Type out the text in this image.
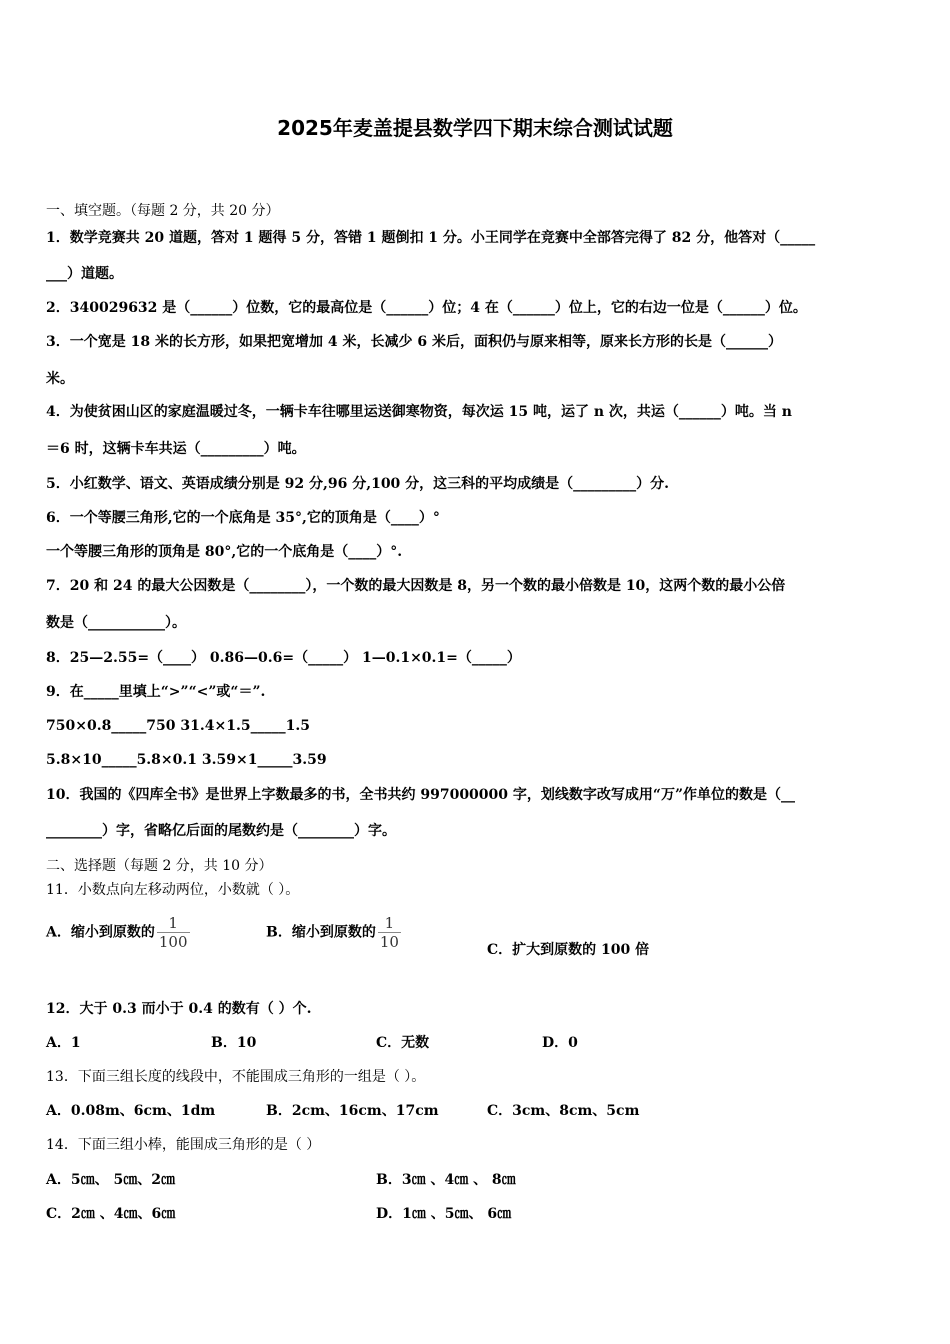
2025年麦盖提县数学四下期末综合测试试题
一、填空题。（每题 2 分，共 20 分）
1．数学竞赛共 20 道题，答对 1 题得 5 分，答错 1 题倒扣 1 分。小王同学在竞赛中全部答完得了 82 分，他答对（_____
___）道题。
2．340029632 是（______）位数，它的最高位是（______）位；4 在（______）位上，它的右边一位是（______）位。
3．一个宽是 18 米的长方形，如果把宽增加 4 米，长减少 6 米后，面积仍与原来相等，原来长方形的长是（______）
米。
4．为使贫困山区的家庭温暖过冬，一辆卡车往哪里运送御寒物资，每次运 15 吨，运了 n 次，共运（______）吨。当 n
＝6 时，这辆卡车共运（_________）吨。
5．小红数学、语文、英语成绩分别是 92 分,96 分,100 分，这三科的平均成绩是（_________）分.
6．一个等腰三角形,它的一个底角是 35°,它的顶角是（____）°
一个等腰三角形的顶角是 80°,它的一个底角是（____）°.
7．20 和 24 的最大公因数是（________），一个数的最大因数是 8，另一个数的最小倍数是 10，这两个数的最小公倍
数是（___________）。
8．25—2.55=（____） 0.86—0.6=（_____） 1—0.1×0.1=（_____）
9．在_____里填上“>”“<”或“＝”.
750×0.8_____750 31.4×1.5_____1.5
5.8×10_____5.8×0.1 3.59×1_____3.59
10．我国的《四库全书》是世界上字数最多的书，全书共约 997000000 字，划线数字改写成用“万”作单位的数是（__
________）字，省略亿后面的尾数约是（________）字。
二、选择题（每题 2 分，共 10 分）
11．小数点向左移动两位，小数就（ ）。
A．缩小到原数的 $\frac{1}{100}$	B．缩小到原数的 $\frac{1}{10}$	C．扩大到原数的 100 倍
12．大于 0.3 而小于 0.4 的数有（ ）个.
A．1	B．10	C．无数	D．0
13．下面三组长度的线段中，不能围成三角形的一组是（ ）。
A．0.08m、6cm、1dm	B．2cm、16cm、17cm	C．3cm、8cm、5cm
14．下面三组小棒，能围成三角形的是（ ）
A．5㎝、 5㎝、2㎝	B．3㎝ 、4㎝ 、 8㎝
C．2㎝ 、4㎝、6㎝	D．1㎝ 、5㎝、 6㎝
